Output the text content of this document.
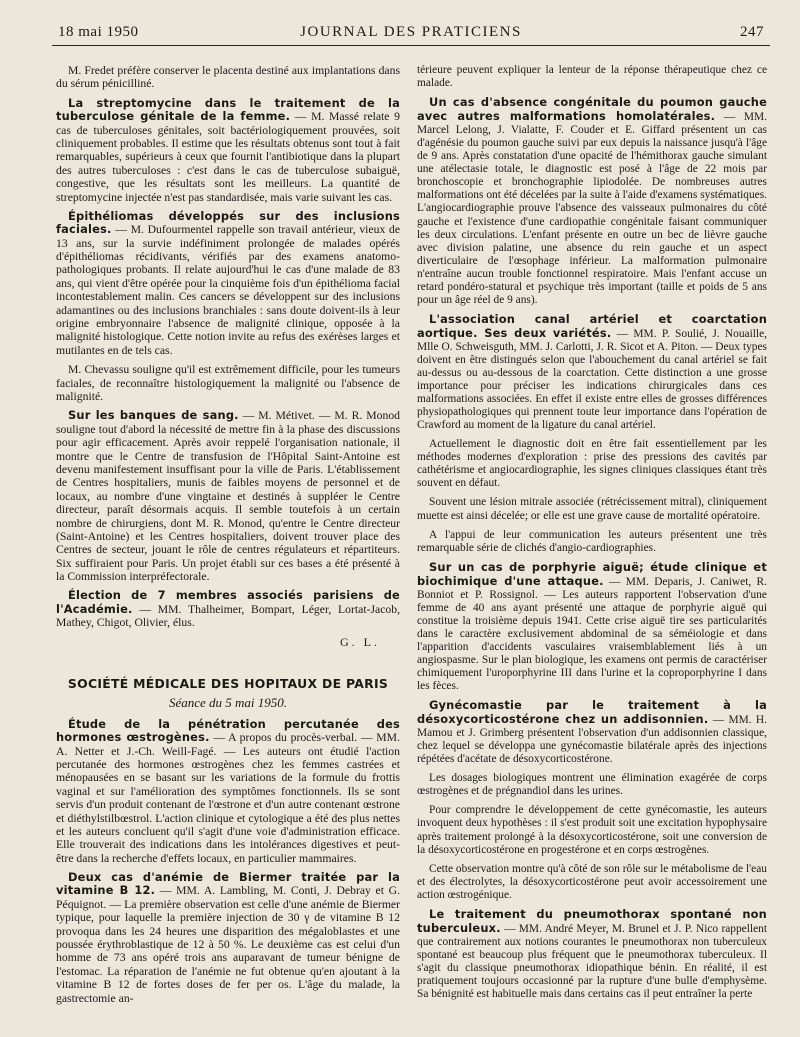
18 mai 1950	JOURNAL DES PRATICIENS	247

M. Fredet préfère conserver le placenta destiné aux implantations dans du sérum pénicilliné.

La streptomycine dans le traitement de la tuberculose génitale de la femme. — M. Massé relate 9 cas de tuberculoses génitales, soit bactériologiquement prouvées, soit cliniquement probables. Il estime que les résultats obtenus sont tout à fait remarquables, supérieurs à ceux que fournit l'antibiotique dans la plupart des autres tuberculoses : c'est dans le cas de tuberculose subaiguë, congestive, que les résultats sont les meilleurs. La quantité de streptomycine injectée n'est pas standardisée, mais varie suivant les cas.

Épithéliomas développés sur des inclusions faciales. — M. Dufourmentel rappelle son travail antérieur, vieux de 13 ans, sur la survie indéfiniment prolongée de malades opérés d'épithéliomas récidivants, vérifiés par des examens anatomo-pathologiques probants. Il relate aujourd'hui le cas d'une malade de 83 ans, qui vient d'être opérée pour la cinquième fois d'un épithélioma facial incontestablement malin. Ces cancers se développent sur des inclusions adamantines ou des inclusions branchiales : sans doute doivent-ils à leur origine embryonnaire l'absence de malignité clinique, opposée à la malignité histologique. Cette notion invite au refus des exérèses larges et mutilantes en de tels cas.

M. Chevassu souligne qu'il est extrêmement difficile, pour les tumeurs faciales, de reconnaître histologiquement la malignité ou l'absence de malignité.

Sur les banques de sang. — M. Métivet. — M. R. Monod souligne tout d'abord la nécessité de mettre fin à la phase des discussions pour agir efficacement. Après avoir reppelé l'organisation nationale, il montre que le Centre de transfusion de l'Hôpital Saint-Antoine est devenu manifestement insuffisant pour la ville de Paris. L'établissement de Centres hospitaliers, munis de faibles moyens de personnel et de locaux, au nombre d'une vingtaine et destinés à suppléer le Centre directeur, paraît désormais acquis. Il semble toutefois à un certain nombre de chirurgiens, dont M. R. Monod, qu'entre le Centre directeur (Saint-Antoine) et les Centres hospitaliers, doivent trouver place des Centres de secteur, jouant le rôle de centres régulateurs et répartiteurs. Six suffiraient pour Paris. Un projet établi sur ces bases a été présenté à la Commission interpréfectorale.

Élection de 7 membres associés parisiens de l'Académie. — MM. Thalheimer, Bompart, Léger, Lortat-Jacob, Mathey, Chigot, Olivier, élus.

G. L.
SOCIÉTÉ MÉDICALE DES HOPITAUX DE PARIS
Séance du 5 mai 1950.

Étude de la pénétration percutanée des hormones œstrogènes. — A propos du procès-verbal. — MM. A. Netter et J.-Ch. Weill-Fagé. — Les auteurs ont étudié l'action percutanée des hormones œstrogènes chez les femmes castrées et ménopausées en se basant sur les variations de la formule du frottis vaginal et sur l'amélioration des symptômes fonctionnels. Ils se sont servis d'un produit contenant de l'œstrone et d'un autre contenant œstrone et diéthylstilbœstrol. L'action clinique et cytologique a été des plus nettes et les auteurs concluent qu'il s'agit d'une voie d'administration efficace. Elle trouverait des indications dans les intolérances digestives et peut-être dans la recherche d'effets locaux, en particulier mammaires.

Deux cas d'anémie de Biermer traitée par la vitamine B 12. — MM. A. Lambling, M. Conti, J. Debray et G. Péquignot. — La première observation est celle d'une anémie de Biermer typique, pour laquelle la première injection de 30 γ de vitamine B 12 provoqua dans les 24 heures une disparition des mégaloblastes et une poussée érythroblastique de 12 à 50 %. Le deuxième cas est celui d'un homme de 73 ans opéré trois ans auparavant de tumeur bénigne de l'estomac. La réparation de l'anémie ne fut obtenue qu'en ajoutant à la vitamine B 12 de fortes doses de fer per os. L'âge du malade, la gastrectomie an-

térieure peuvent expliquer la lenteur de la réponse thérapeutique chez ce malade.

Un cas d'absence congénitale du poumon gauche avec autres malformations homolatérales. — MM. Marcel Lelong, J. Vialatte, F. Couder et E. Giffard présentent un cas d'agénésie du poumon gauche suivi par eux depuis la naissance jusqu'à l'âge de 9 ans. Après constatation d'une opacité de l'hémithorax gauche simulant une atélectasie totale, le diagnostic est posé à l'âge de 22 mois par bronchoscopie et bronchographie lipiodolée. De nombreuses autres malformations ont été décelées par la suite à l'aide d'examens systématiques. L'angiocardiographie prouve l'absence des vaisseaux pulmonaires du côté gauche et l'existence d'une cardiopathie congénitale faisant communiquer les deux circulations. L'enfant présente en outre un bec de lièvre gauche avec division palatine, une absence du rein gauche et un aspect diverticulaire de l'œsophage inférieur. La malformation pulmonaire n'entraîne aucun trouble fonctionnel respiratoire. Mais l'enfant accuse un retard pondéro-statural et psychique très important (taille et poids de 5 ans pour un âge réel de 9 ans).

L'association canal artériel et coarctation aortique. Ses deux variétés. — MM. P. Soulié, J. Nouaille, Mlle O. Schweisguth, MM. J. Carlotti, J. R. Sicot et A. Piton. — Deux types doivent en être distingués selon que l'abouchement du canal artériel se fait au-dessus ou au-dessous de la coarctation. Cette distinction a une grosse importance pour préciser les indications chirurgicales dans ces malformations associées. En effet il existe entre elles de grosses différences physiopathologiques qui prennent toute leur importance dans l'opération de Crawford au moment de la ligature du canal artériel.

Actuellement le diagnostic doit en être fait essentiellement par les méthodes modernes d'exploration : prise des pressions des cavités par cathétérisme et angiocardiographie, les signes cliniques classiques étant très souvent en défaut.

Souvent une lésion mitrale associée (rétrécissement mitral), cliniquement muette est ainsi décelée; or elle est une grave cause de mortalité opératoire.

A l'appui de leur communication les auteurs présentent une très remarquable série de clichés d'angio-cardiographies.

Sur un cas de porphyrie aiguë; étude clinique et biochimique d'une attaque. — MM. Deparis, J. Caniwet, R. Bonniot et P. Rossignol. — Les auteurs rapportent l'observation d'une femme de 40 ans ayant présenté une attaque de porphyrie aiguë qui constitue la troisième depuis 1941. Cette crise aiguë tire ses particularités dans le caractère exclusivement abdominal de sa séméiologie et dans l'apparition d'accidents vasculaires vraisemblablement liés à un angiospasme. Sur le plan biologique, les examens ont permis de caractériser chimiquement l'uroporphyrine III dans l'urine et la coproporphyrine I dans les fèces.

Gynécomastie par le traitement à la désoxycorticostérone chez un addisonnien. — MM. H. Mamou et J. Grimberg présentent l'observation d'un addisonnien classique, chez lequel se développa une gynécomastie bilatérale après des injections répétées d'acétate de désoxycorticostérone.

Les dosages biologiques montrent une élimination exagérée de corps œstrogènes et de prégnandiol dans les urines.

Pour comprendre le développement de cette gynécomastie, les auteurs invoquent deux hypothèses : il s'est produit soit une excitation hypophysaire après traitement prolongé à la désoxycorticostérone, soit une conversion de la désoxycorticostérone en progestérone et en corps œstrogènes.

Cette observation montre qu'à côté de son rôle sur le métabolisme de l'eau et des électrolytes, la désoxycorticostérone peut avoir accessoirement une action œstrogénique.

Le traitement du pneumothorax spontané non tuberculeux. — MM. André Meyer, M. Brunel et J. P. Nico rappellent que contrairement aux notions courantes le pneumothorax non tuberculeux spontané est beaucoup plus fréquent que le pneumothorax tuberculeux. Il s'agit du classique pneumothorax idiopathique bénin. En réalité, il est pratiquement toujours occasionné par la rupture d'une bulle d'emphysème. Sa bénignité est habituelle mais dans certains cas il peut entraîner la perte
